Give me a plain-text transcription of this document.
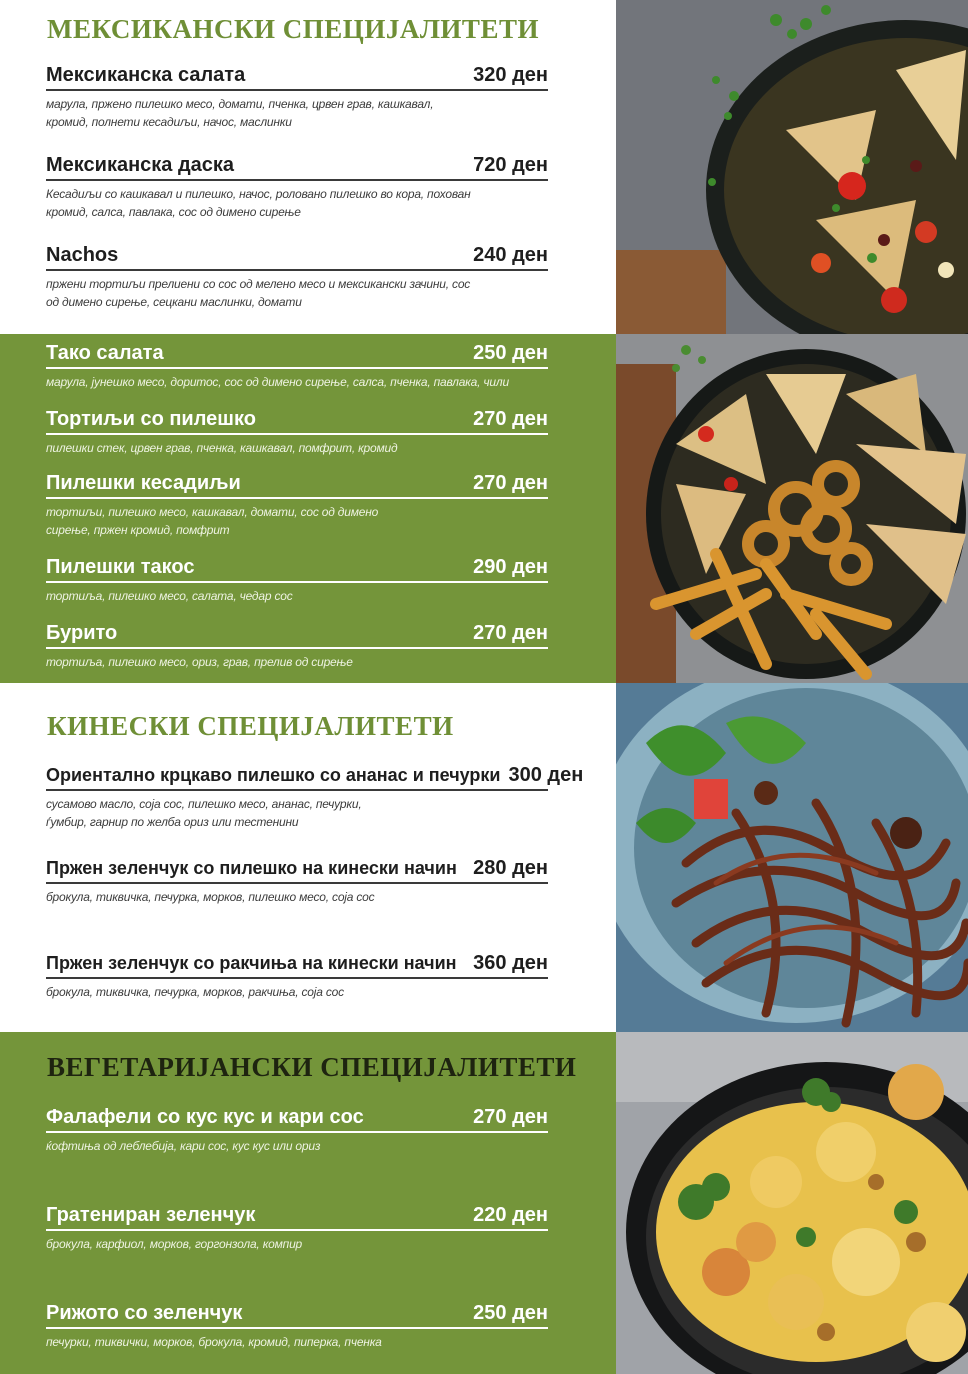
МЕКСИКАНСКИ СПЕЦИЈАЛИТЕТИ
Мексиканска салата	320 ден
марула, пржено пилешко месо, домати, пченка, црвен грав, кашкавал, кромид, полнети кесадиљи, начос, маслинки
Мексиканска даска	720 ден
Кесадиљи со кашкавал и пилешко, начос, ролованo пилешко во кора, похован кромид, салса, павлака, сос од димено сирење
Nachos	240 ден
пржени тортиљи прелиени со сос од мелено месо и мексикански зачини, сос од димено сирење, сецкани маслинки, домати
Тако салата	250 ден
марула, јунешко месо, доритос, сос од димено сирење, салса, пченка, павлака, чили
Тортиљи со пилешко	270 ден
пилешки стек, црвен грав, пченка, кашкавал, помфрит, кромид
Пилешки кесадиљи	270 ден
тортиљи, пилешко месо, кашкавал, домати, сос од димено сирење, пржен кромид, помфрит
Пилешки такос	290 ден
тортиља, пилешко месо, салата, чедар сос
Бурито	270 ден
тортиља, пилешко месо, ориз, грав, прелив од сирење
КИНЕСКИ СПЕЦИЈАЛИТЕТИ
Ориентално крцкаво пилешко со ананас и печурки 300 ден
сусамово масло, соја сос, пилешко месо, ананас, печурки, ѓумбир, гарнир по желба ориз или тестенини
Пржен зеленчук со пилешко на кинески начин 280 ден
брокула, тиквичка, печурка, морков, пилешко месо, соја сос
Пржен зеленчук со ракчиња на кинески начин 360 ден
брокула, тиквичка, печурка, морков, ракчиња, соја сос
ВЕГЕТАРИЈАНСКИ СПЕЦИЈАЛИТЕТИ
Фалафели со кус кус и кари сос	270 ден
ќофтиња од леблебија, кари сос, кус кус или ориз
Гратениран зеленчук	220 ден
брокула, карфиол, морков, горгонзола, компир
Рижото со зеленчук	250 ден
печурки, тиквички, морков, брокула, кромид, пиперка, пченка
